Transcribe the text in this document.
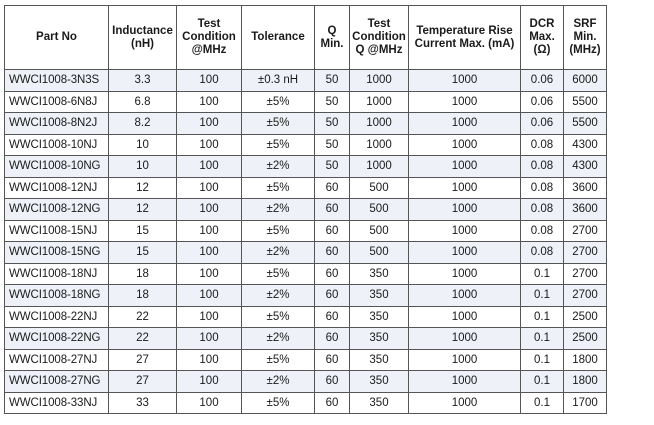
Part No	Inductance (nH)	Test Condition @MHz	Tolerance	Q Min.	Test Condition Q @MHz	Temperature Rise Current Max. (mA)	DCR Max. (Ω)	SRF Min. (MHz)
WWCI1008-3N3S	3.3	100	±0.3 nH	50	1000	1000	0.06	6000
WWCI1008-6N8J	6.8	100	±5%	50	1000	1000	0.06	5500
WWCI1008-8N2J	8.2	100	±5%	50	1000	1000	0.06	5500
WWCI1008-10NJ	10	100	±5%	50	1000	1000	0.08	4300
WWCI1008-10NG	10	100	±2%	50	1000	1000	0.08	4300
WWCI1008-12NJ	12	100	±5%	60	500	1000	0.08	3600
WWCI1008-12NG	12	100	±2%	60	500	1000	0.08	3600
WWCI1008-15NJ	15	100	±5%	60	500	1000	0.08	2700
WWCI1008-15NG	15	100	±2%	60	500	1000	0.08	2700
WWCI1008-18NJ	18	100	±5%	60	350	1000	0.1	2700
WWCI1008-18NG	18	100	±2%	60	350	1000	0.1	2700
WWCI1008-22NJ	22	100	±5%	60	350	1000	0.1	2500
WWCI1008-22NG	22	100	±2%	60	350	1000	0.1	2500
WWCI1008-27NJ	27	100	±5%	60	350	1000	0.1	1800
WWCI1008-27NG	27	100	±2%	60	350	1000	0.1	1800
WWCI1008-33NJ	33	100	±5%	60	350	1000	0.1	1700
